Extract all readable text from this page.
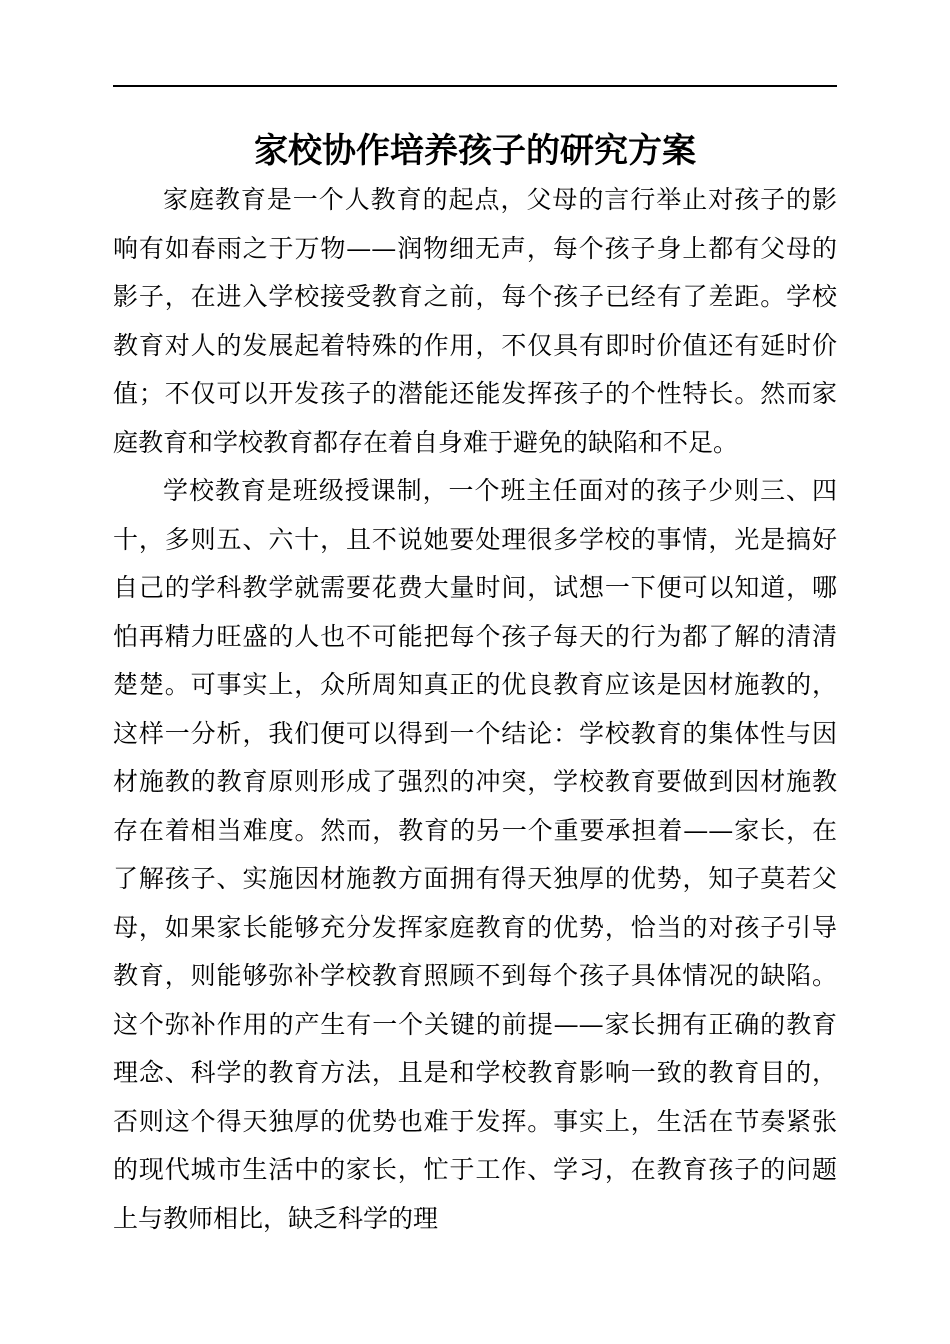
家校协作培养孩子的研究方案

家庭教育是一个人教育的起点，父母的言行举止对孩子的影响有如春雨之于万物——润物细无声，每个孩子身上都有父母的影子，在进入学校接受教育之前，每个孩子已经有了差距。学校教育对人的发展起着特殊的作用，不仅具有即时价值还有延时价值；不仅可以开发孩子的潜能还能发挥孩子的个性特长。然而家庭教育和学校教育都存在着自身难于避免的缺陷和不足。

学校教育是班级授课制，一个班主任面对的孩子少则三、四十，多则五、六十，且不说她要处理很多学校的事情，光是搞好自己的学科教学就需要花费大量时间，试想一下便可以知道，哪怕再精力旺盛的人也不可能把每个孩子每天的行为都了解的清清楚楚。可事实上，众所周知真正的优良教育应该是因材施教的，这样一分析，我们便可以得到一个结论：学校教育的集体性与因材施教的教育原则形成了强烈的冲突，学校教育要做到因材施教存在着相当难度。然而，教育的另一个重要承担着——家长，在了解孩子、实施因材施教方面拥有得天独厚的优势，知子莫若父母，如果家长能够充分发挥家庭教育的优势，恰当的对孩子引导教育，则能够弥补学校教育照顾不到每个孩子具体情况的缺陷。这个弥补作用的产生有一个关键的前提——家长拥有正确的教育理念、科学的教育方法，且是和学校教育影响一致的教育目的，否则这个得天独厚的优势也难于发挥。事实上，生活在节奏紧张的现代城市生活中的家长，忙于工作、学习，在教育孩子的问题上与教师相比，缺乏科学的理
